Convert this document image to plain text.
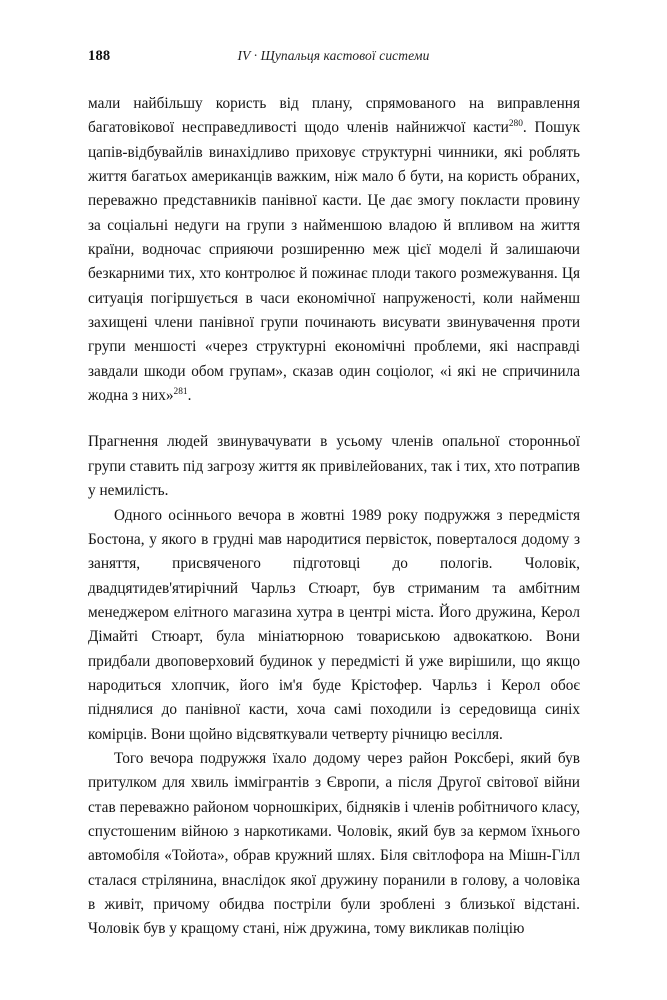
188	IV · Щупальця кастової системи

мали найбільшу користь від плану, спрямованого на виправлення багатовікової несправедливості щодо членів найнижчої касти$^{280}$. Пошук цапів-відбувайлів винахідливо приховує структурні чинники, які роблять життя багатьох американців важким, ніж мало б бути, на користь обраних, переважно представників панівної касти. Це дає змогу покласти провину за соціальні недуги на групи з найменшою владою й впливом на життя країни, водночас сприяючи розширенню меж цієї моделі й залишаючи безкарними тих, хто контролює й пожинає плоди такого розмежування. Ця ситуація погіршується в часи економічної напруженості, коли найменш захищені члени панівної групи починають висувати звинувачення проти групи меншості «через структурні економічні проблеми, які насправді завдали шкоди обом групам», сказав один соціолог, «і які не спричинила жодна з них»$^{281}$.

Прагнення людей звинувачувати в усьому членів опальної сторонньої групи ставить під загрозу життя як привілейованих, так і тих, хто потрапив у немилість.

Одного осіннього вечора в жовтні 1989 року подружжя з передмістя Бостона, у якого в грудні мав народитися первісток, поверталося додому з заняття, присвяченого підготовці до пологів. Чоловік, двадцятидев'ятирічний Чарльз Стюарт, був стриманим та амбітним менеджером елітного магазина хутра в центрі міста. Його дружина, Керол Дімайті Стюарт, була мініатюрною товариською адвокаткою. Вони придбали двоповерховий будинок у передмісті й уже вирішили, що якщо народиться хлопчик, його ім'я буде Крістофер. Чарльз і Керол обоє піднялися до панівної касти, хоча самі походили із середовища синіх комірців. Вони щойно відсвяткували четверту річницю весілля.

Того вечора подружжя їхало додому через район Роксбері, який був притулком для хвиль іммігрантів з Європи, а після Другої світової війни став переважно районом чорношкірих, бідняків і членів робітничого класу, спустошеним війною з наркотиками. Чоловік, який був за кермом їхнього автомобіля «Тойота», обрав кружний шлях. Біля світлофора на Мішн-Гілл сталася стрілянина, внаслідок якої дружину поранили в голову, а чоловіка в живіт, причому обидва постріли були зроблені з близької відстані. Чоловік був у кращому стані, ніж дружина, тому викликав поліцію
